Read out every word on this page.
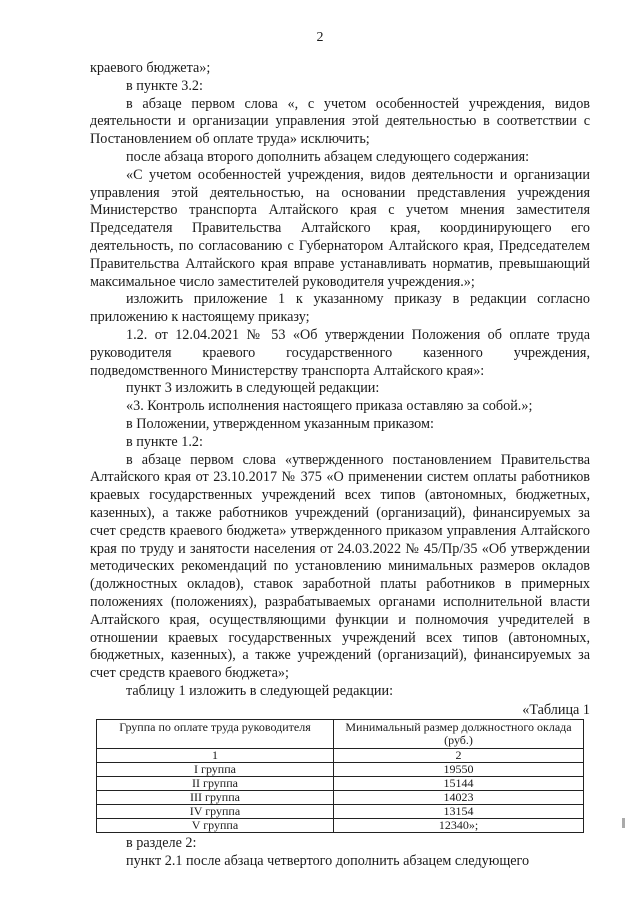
2

краевого бюджета»;

в пункте 3.2:

в абзаце первом слова «, с учетом особенностей учреждения, видов деятельности и организации управления этой деятельностью в соответствии с Постановлением об оплате труда» исключить;

после абзаца второго дополнить абзацем следующего содержания:

«С учетом особенностей учреждения, видов деятельности и организации управления этой деятельностью, на основании представления учреждения Министерство транспорта Алтайского края с учетом мнения заместителя Председателя Правительства Алтайского края, координирующего его деятельность, по согласованию с Губернатором Алтайского края, Председателем Правительства Алтайского края вправе устанавливать норматив, превышающий максимальное число заместителей руководителя учреждения.»;

изложить приложение 1 к указанному приказу в редакции согласно приложению к настоящему приказу;

1.2. от 12.04.2021 № 53 «Об утверждении Положения об оплате труда руководителя краевого государственного казенного учреждения, подведомственного Министерству транспорта Алтайского края»:

пункт 3 изложить в следующей редакции:

«3. Контроль исполнения настоящего приказа оставляю за собой.»;

в Положении, утвержденном указанным приказом:

в пункте 1.2:

в абзаце первом слова «утвержденного постановлением Правительства Алтайского края от 23.10.2017 № 375 «О применении систем оплаты работников краевых государственных учреждений всех типов (автономных, бюджетных, казенных), а также работников учреждений (организаций), финансируемых за счет средств краевого бюджета» утвержденного приказом управления Алтайского края по труду и занятости населения от 24.03.2022 № 45/Пр/35 «Об утверждении методических рекомендаций по установлению минимальных размеров окладов (должностных окладов), ставок заработной платы работников в примерных положениях (положениях), разрабатываемых органами исполнительной власти Алтайского края, осуществляющими функции и полномочия учредителей в отношении краевых государственных учреждений всех типов (автономных, бюджетных, казенных), а также учреждений (организаций), финансируемых за счет средств краевого бюджета»;

таблицу 1 изложить в следующей редакции:

«Таблица 1

Группа по оплате труда руководителя	Минимальный размер должностного оклада (руб.)
1	2
I группа	19550
II группа	15144
III группа	14023
IV группа	13154
V группа	12340»;

в разделе 2:

пункт 2.1 после абзаца четвертого дополнить абзацем следующего
